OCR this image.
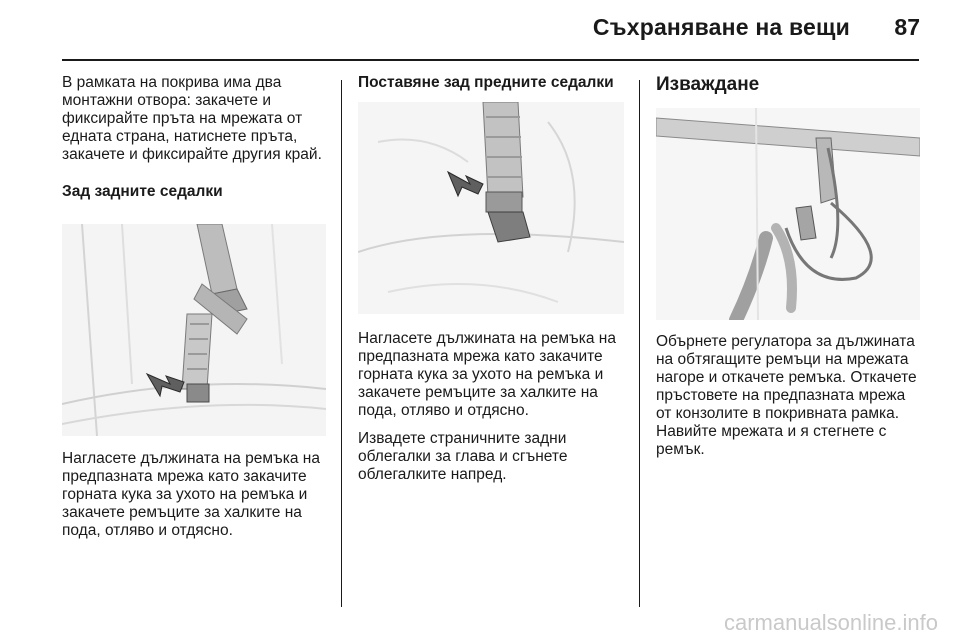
Съхраняване на вещи	87

В рамката на покрива има два монтажни отвора: закачете и фиксирайте пръта на мрежата от едната страна, натиснете пръта, закачете и фиксирайте другия край.

Зад задните седалки

Нагласете дължината на ремъка на предпазната мрежа като закачите горната кука за ухото на ремъка и закачете ремъците за халките на пода, отляво и отдясно.

Поставяне зад предните седалки

Нагласете дължината на ремъка на предпазната мрежа като закачите горната кука за ухото на ремъка и закачете ремъците за халките на пода, отляво и отдясно.

Извадете страничните задни облегалки за глава и сгънете облегалките напред.

Изваждане

Обърнете регулатора за дължината на обтягащите ремъци на мрежата нагоре и откачете ремъка. Откачете пръстовете на предпазната мрежа от конзолите в покривната рамка. Навийте мрежата и я стегнете с ремък.

carmanualsonline.info
